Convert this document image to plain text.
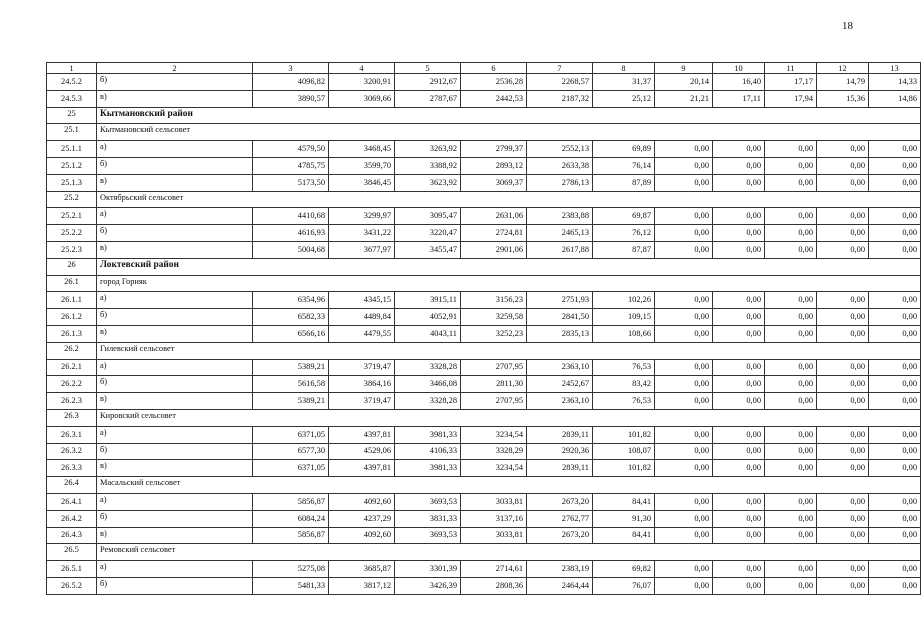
18
1	2	3	4	5	6	7	8	9	10	11	12	13
24.5.2	б)	4096,82	3200,91	2912,67	2536,28	2268,57	31,37	20,14	16,40	17,17	14,79	14,33
24.5.3	в)	3890,57	3069,66	2787,67	2442,53	2187,32	25,12	21,21	17,11	17,94	15,36	14,86
25	Кытмановский район											
25.1	Кытмановский сельсовет											
25.1.1	а)	4579,50	3468,45	3263,92	2799,37	2552,13	69,89	0,00	0,00	0,00	0,00	0,00
25.1.2	б)	4785,75	3599,70	3388,92	2893,12	2633,38	76,14	0,00	0,00	0,00	0,00	0,00
25.1.3	в)	5173,50	3846,45	3623,92	3069,37	2786,13	87,89	0,00	0,00	0,00	0,00	0,00
25.2	Октябрьский сельсовет											
25.2.1	а)	4410,68	3299,97	3095,47	2631,06	2383,88	69,87	0,00	0,00	0,00	0,00	0,00
25.2.2	б)	4616,93	3431,22	3220,47	2724,81	2465,13	76,12	0,00	0,00	0,00	0,00	0,00
25.2.3	в)	5004,68	3677,97	3455,47	2901,06	2617,88	87,87	0,00	0,00	0,00	0,00	0,00
26	Локтевский район											
26.1	город Горняк											
26.1.1	а)	6354,96	4345,15	3915,11	3156,23	2751,93	102,26	0,00	0,00	0,00	0,00	0,00
26.1.2	б)	6582,33	4489,84	4052,91	3259,58	2841,50	109,15	0,00	0,00	0,00	0,00	0,00
26.1.3	в)	6566,16	4479,55	4043,11	3252,23	2835,13	108,66	0,00	0,00	0,00	0,00	0,00
26.2	Гилевский сельсовет											
26.2.1	а)	5389,21	3719,47	3328,28	2707,95	2363,10	76,53	0,00	0,00	0,00	0,00	0,00
26.2.2	б)	5616,58	3864,16	3466,08	2811,30	2452,67	83,42	0,00	0,00	0,00	0,00	0,00
26.2.3	в)	5389,21	3719,47	3328,28	2707,95	2363,10	76,53	0,00	0,00	0,00	0,00	0,00
26.3	Кировский сельсовет											
26.3.1	а)	6371,05	4397,81	3981,33	3234,54	2839,11	101,82	0,00	0,00	0,00	0,00	0,00
26.3.2	б)	6577,30	4529,06	4106,33	3328,29	2920,36	108,07	0,00	0,00	0,00	0,00	0,00
26.3.3	в)	6371,05	4397,81	3981,33	3234,54	2839,11	101,82	0,00	0,00	0,00	0,00	0,00
26.4	Масальский сельсовет											
26.4.1	а)	5856,87	4092,60	3693,53	3033,81	2673,20	84,41	0,00	0,00	0,00	0,00	0,00
26.4.2	б)	6084,24	4237,29	3831,33	3137,16	2762,77	91,30	0,00	0,00	0,00	0,00	0,00
26.4.3	в)	5856,87	4092,60	3693,53	3033,81	2673,20	84,41	0,00	0,00	0,00	0,00	0,00
26.5	Ремовский сельсовет											
26.5.1	а)	5275,08	3685,87	3301,39	2714,61	2383,19	69,82	0,00	0,00	0,00	0,00	0,00
26.5.2	б)	5481,33	3817,12	3426,39	2808,36	2464,44	76,07	0,00	0,00	0,00	0,00	0,00
